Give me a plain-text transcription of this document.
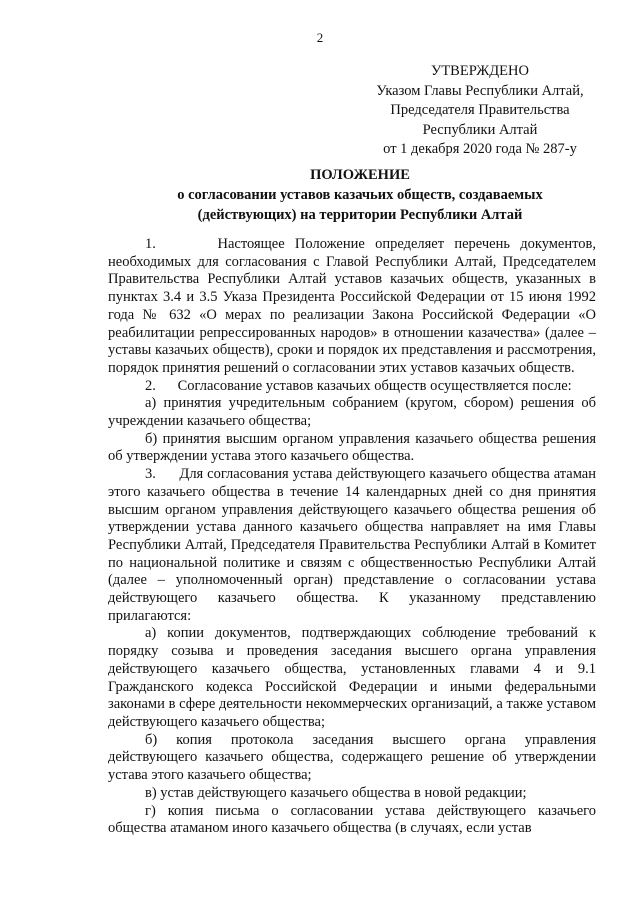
2
УТВЕРЖДЕНО
Указом Главы Республики Алтай,
Председателя Правительства
Республики Алтай
от 1 декабря 2020 года № 287-у
ПОЛОЖЕНИЕ
о согласовании уставов казачьих обществ, создаваемых
(действующих) на территории Республики Алтай

1.      Настоящее Положение определяет перечень документов, необходимых для согласования с Главой Республики Алтай, Председателем Правительства Республики Алтай уставов казачьих обществ, указанных в пунктах 3.4 и 3.5 Указа Президента Российской Федерации от 15 июня 1992 года № 632 «О мерах по реализации Закона Российской Федерации «О реабилитации репрессированных народов» в отношении казачества» (далее – уставы казачьих обществ), сроки и порядок их представления и рассмотрения, порядок принятия решений о согласовании этих уставов казачьих обществ.

2.      Согласование уставов казачьих обществ осуществляется после:

а) принятия учредительным собранием (кругом, сбором) решения об учреждении казачьего общества;

б) принятия высшим органом управления казачьего общества решения об утверждении устава этого казачьего общества.

3.      Для согласования устава действующего казачьего общества атаман этого казачьего общества в течение 14 календарных дней со дня принятия высшим органом управления действующего казачьего общества решения об утверждении устава данного казачьего общества направляет на имя Главы Республики Алтай, Председателя Правительства Республики Алтай в Комитет по национальной политике и связям с общественностью Республики Алтай (далее – уполномоченный орган) представление о согласовании устава действующего казачьего общества. К указанному представлению прилагаются:

а) копии документов, подтверждающих соблюдение требований к порядку созыва и проведения заседания высшего органа управления действующего казачьего общества, установленных главами 4 и 9.1 Гражданского кодекса Российской Федерации и иными федеральными законами в сфере деятельности некоммерческих организаций, а также уставом действующего казачьего общества;

б) копия протокола заседания высшего органа управления действующего казачьего общества, содержащего решение об утверждении устава этого казачьего общества;

в) устав действующего казачьего общества в новой редакции;

г) копия письма о согласовании устава действующего казачьего общества атаманом иного казачьего общества (в случаях, если устав
